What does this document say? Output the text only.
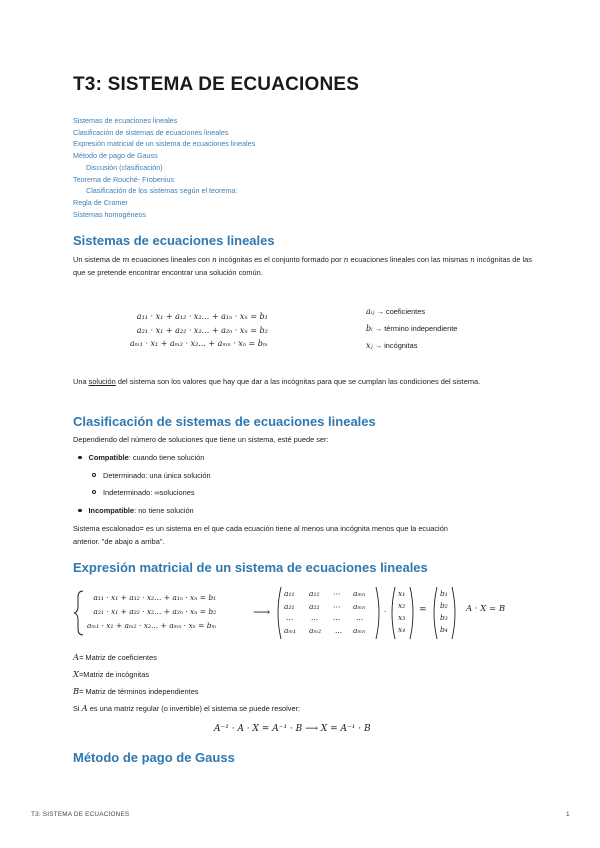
T3: SISTEMA DE ECUACIONES
Sistemas de ecuaciones lineales
Clasificación de sistemas de ecuaciones lineales
Expresión matricial de un sistema de ecuaciones lineales
Método de pago de Gauss
Discusión (clasificación)
Teorema de Rouché- Frobenius
Clasificación de los sistemas según el teorema:
Regla de Cramer
Sistemas homogéneos
Sistemas de ecuaciones lineales
Un sistema de m ecuaciones lineales con n incógnitas es el conjunto formado por n ecuaciones lineales con las mismas n incógnitas de las que se pretende encontrar encontrar una solución común.
a₁₁ · x₁ + a₁₂ · x₂... + a₁ₙ · xₙ = b₁
a₂₁ · x₁ + a₂₂ · x₂... + a₂ₙ · xₙ = b₂
aₘ₁ · x₁ + aₘ₂ · x₂... + aₘₙ · xₙ = bₘ
aᵢⱼ → coeficientes
bᵢ → término independiente
xⱼ → incógnitas
Una solución del sistema son los valores que hay que dar a las incógnitas para que se cumplan las condiciones del sistema.
Clasificación de sistemas de ecuaciones lineales
Dependiendo del número de soluciones que tiene un sistema, esté puede ser:
Compatible: cuando tiene solución
Determinado: una única solución
Indeterminado: ∞soluciones
Incompatible: no tiene solución
Sistema escalonado= es un sistema en el que cada ecuación tiene al menos una incógnita menos que la ecuación
anterior. "de abajo a arriba".
Expresión matricial de un sistema de ecuaciones lineales
a₁₁ · x₁ + a₁₂ · x₂... + a₁ₙ · xₙ = b₁
a₂₁ · x₁ + a₂₂ · x₂... + a₂ₙ · xₙ = b₂
aₘ₁ · x₁ + aₘ₂ · x₂... + aₘₙ · xₙ = bₘ
⟶
a₁₁ a₁₂ ⋯ aₘₙ
a₂₁ a₂₂ ⋯ aₘₙ
... ... ... ...
aₘ₁ aₘ₂ ... aₘₙ
·
x₁
x₂
x₃
x₄
=
b₁
b₂
b₃
b₄
A · X = B
A= Matriz de coeficientes
X=Matriz de incógnitas
B= Matriz de términos independientes
Si A es una matriz regular (o invertible) el sistema se puede resolver:
A⁻¹ · A · X = A⁻¹ · B ⟶ X = A⁻¹ · B
Método de pago de Gauss
T3: SISTEMA DE ECUACIONES	1
